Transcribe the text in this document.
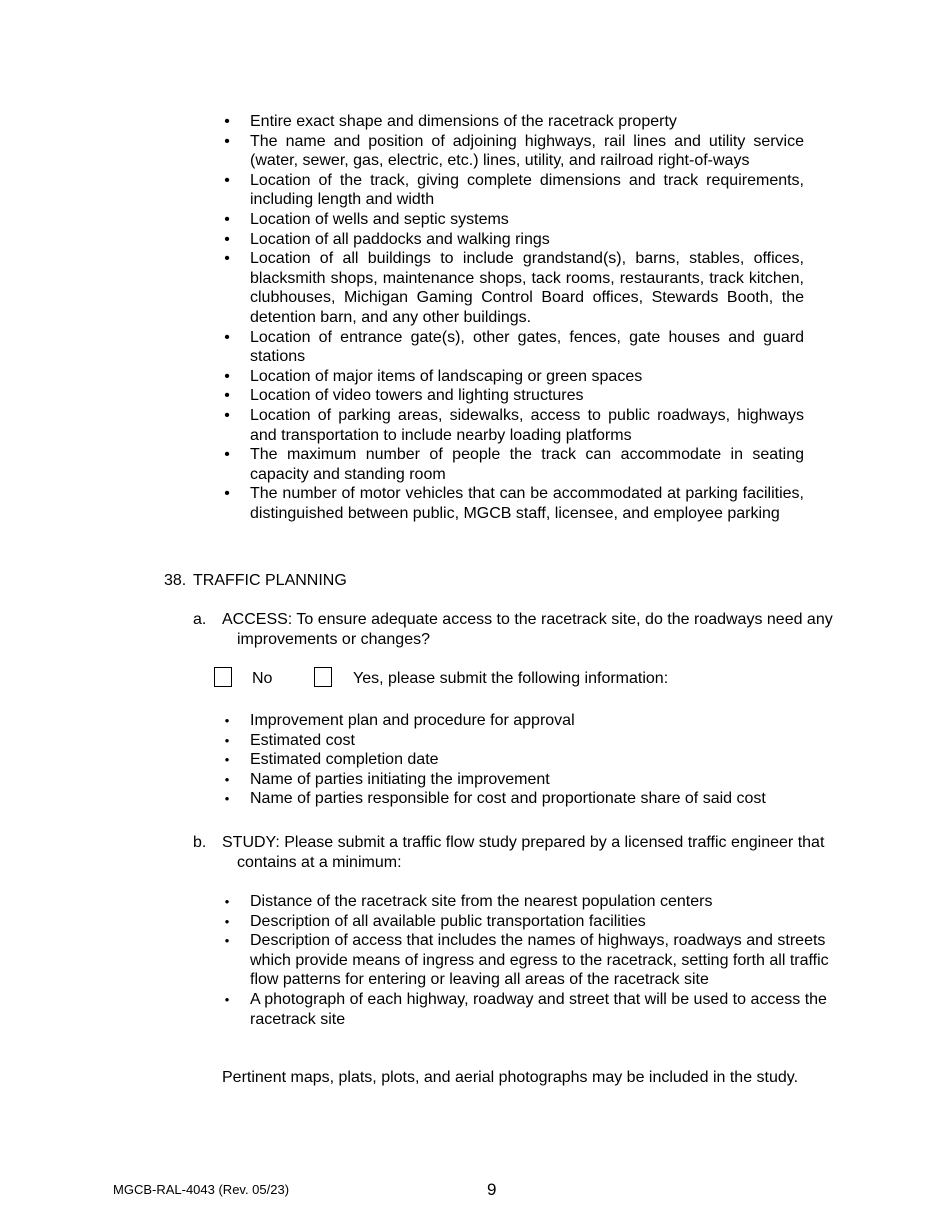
• Entire exact shape and dimensions of the racetrack property
• The name and position of adjoining highways, rail lines and utility service (water, sewer, gas, electric, etc.) lines, utility, and railroad right-of-ways
• Location of the track, giving complete dimensions and track requirements, including length and width
• Location of wells and septic systems
• Location of all paddocks and walking rings
• Location of all buildings to include grandstand(s), barns, stables, offices, blacksmith shops, maintenance shops, tack rooms, restaurants, track kitchen, clubhouses, Michigan Gaming Control Board offices, Stewards Booth, the detention barn, and any other buildings.
• Location of entrance gate(s), other gates, fences, gate houses and guard stations
• Location of major items of landscaping or green spaces
• Location of video towers and lighting structures
• Location of parking areas, sidewalks, access to public roadways, highways and transportation to include nearby loading platforms
• The maximum number of people the track can accommodate in seating capacity and standing room
• The number of motor vehicles that can be accommodated at parking facilities, distinguished between public, MGCB staff, licensee, and employee parking
38. TRAFFIC PLANNING
a. ACCESS: To ensure adequate access to the racetrack site, do the roadways need any improvements or changes?
No	Yes, please submit the following information:
• Improvement plan and procedure for approval
• Estimated cost
• Estimated completion date
• Name of parties initiating the improvement
• Name of parties responsible for cost and proportionate share of said cost
b. STUDY: Please submit a traffic flow study prepared by a licensed traffic engineer that contains at a minimum:
• Distance of the racetrack site from the nearest population centers
• Description of all available public transportation facilities
• Description of access that includes the names of highways, roadways and streets which provide means of ingress and egress to the racetrack, setting forth all traffic flow patterns for entering or leaving all areas of the racetrack site
• A photograph of each highway, roadway and street that will be used to access the racetrack site
Pertinent maps, plats, plots, and aerial photographs may be included in the study.
MGCB-RAL-4043 (Rev. 05/23)	9
